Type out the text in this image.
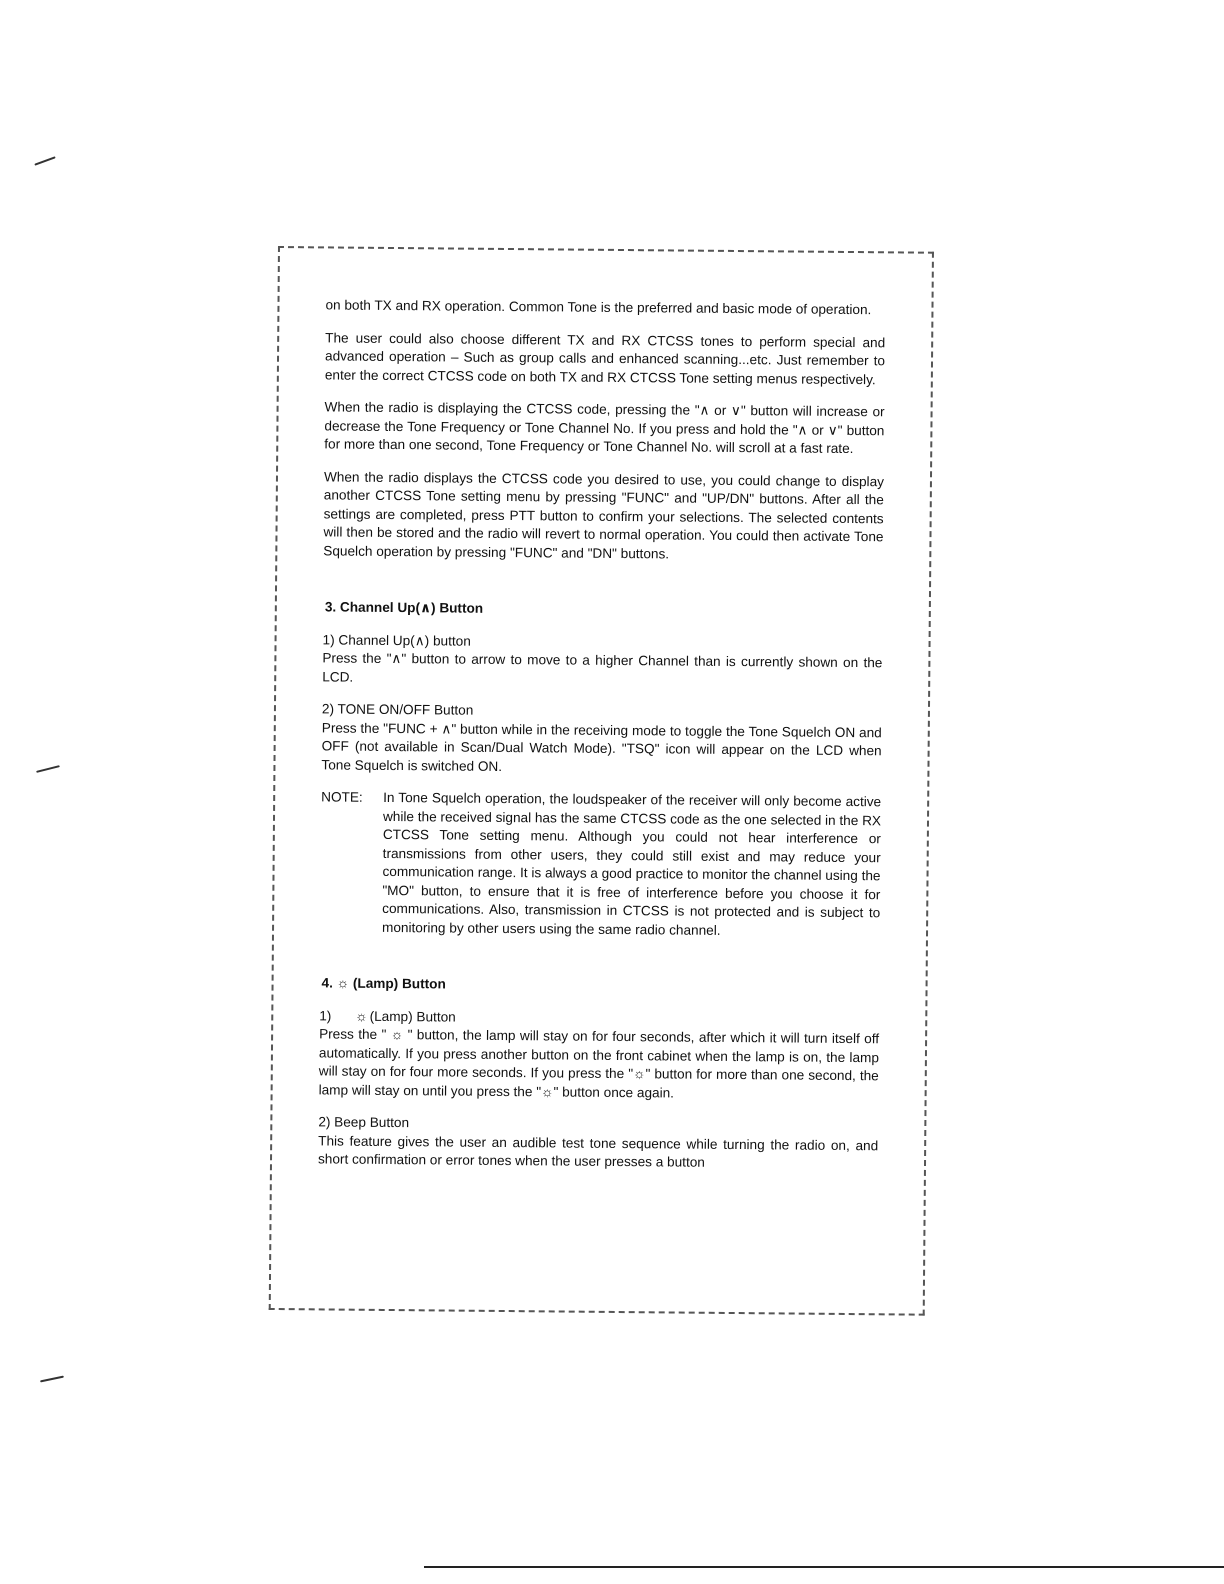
on both TX and RX operation. Common Tone is the preferred and basic mode of operation.

The user could also choose different TX and RX CTCSS tones to perform special and advanced operation – Such as group calls and enhanced scanning...etc. Just remember to enter the correct CTCSS code on both TX and RX CTCSS Tone setting menus respectively.

When the radio is displaying the CTCSS code, pressing the "∧ or ∨" button will increase or decrease the Tone Frequency or Tone Channel No. If you press and hold the "∧ or ∨" button for more than one second, Tone Frequency or Tone Channel No. will scroll at a fast rate.

When the radio displays the CTCSS code you desired to use, you could change to display another CTCSS Tone setting menu by pressing "FUNC" and "UP/DN" buttons. After all the settings are completed, press PTT button to confirm your selections. The selected contents will then be stored and the radio will revert to normal operation. You could then activate Tone Squelch operation by pressing "FUNC" and "DN" buttons.

3. Channel Up(∧) Button
1) Channel Up(∧) button
Press the "∧" button to arrow to move to a higher Channel than is currently shown on the LCD.
2) TONE ON/OFF Button
Press the "FUNC + ∧" button while in the receiving mode to toggle the Tone Squelch ON and OFF (not available in Scan/Dual Watch Mode). "TSQ" icon will appear on the LCD when Tone Squelch is switched ON.
NOTE:	In Tone Squelch operation, the loudspeaker of the receiver will only become active while the received signal has the same CTCSS code as the one selected in the RX CTCSS Tone setting menu. Although you could not hear interference or transmissions from other users, they could still exist and may reduce your communication range. It is always a good practice to monitor the channel using the "MO" button, to ensure that it is free of interference before you choose it for communications. Also, transmission in CTCSS is not protected and is subject to monitoring by other users using the same radio channel.
4. ☼ (Lamp) Button
1) ☼ (Lamp) Button
Press the " ☼ " button, the lamp will stay on for four seconds, after which it will turn itself off automatically. If you press another button on the front cabinet when the lamp is on, the lamp will stay on for four more seconds. If you press the "☼" button for more than one second, the lamp will stay on until you press the "☼" button once again.
2) Beep Button
This feature gives the user an audible test tone sequence while turning the radio on, and short confirmation or error tones when the user presses a button
